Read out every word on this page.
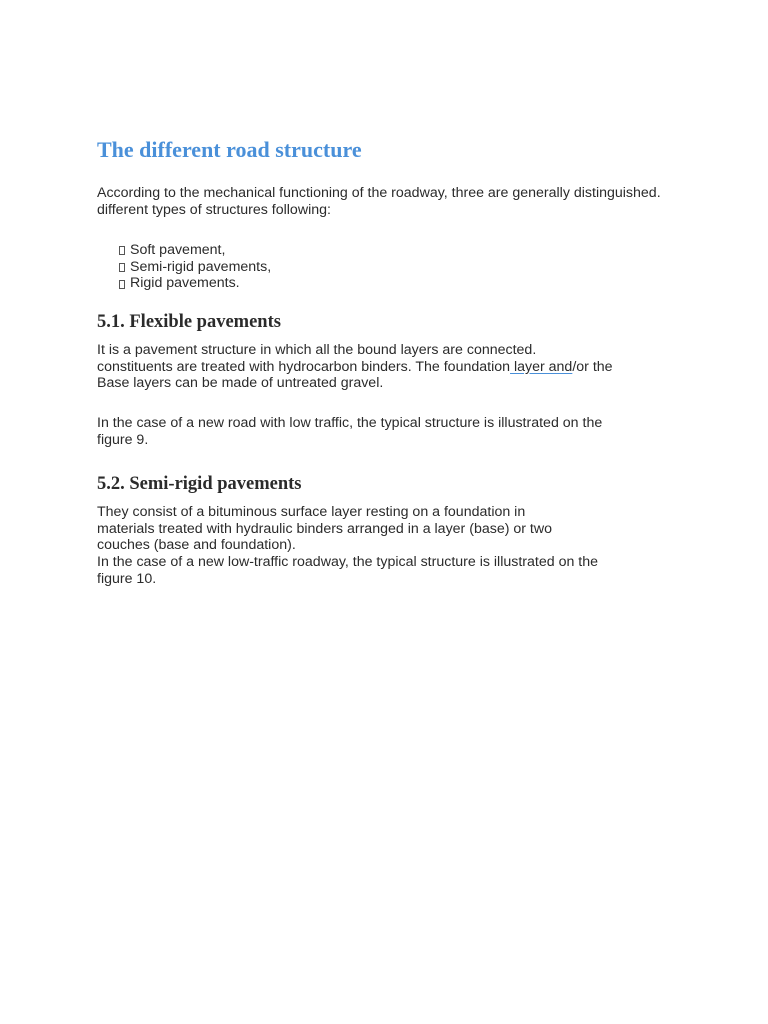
The different road structure

According to the mechanical functioning of the roadway, three are generally distinguished.
different types of structures following:

Soft pavement,
Semi-rigid pavements,
Rigid pavements.
5.1. Flexible pavements

It is a pavement structure in which all the bound layers are connected.
constituents are treated with hydrocarbon binders. The foundation layer and/or the
Base layers can be made of untreated gravel.

In the case of a new road with low traffic, the typical structure is illustrated on the
figure 9.

5.2. Semi-rigid pavements

They consist of a bituminous surface layer resting on a foundation in
materials treated with hydraulic binders arranged in a layer (base) or two
couches (base and foundation).
In the case of a new low-traffic roadway, the typical structure is illustrated on the
figure 10.
